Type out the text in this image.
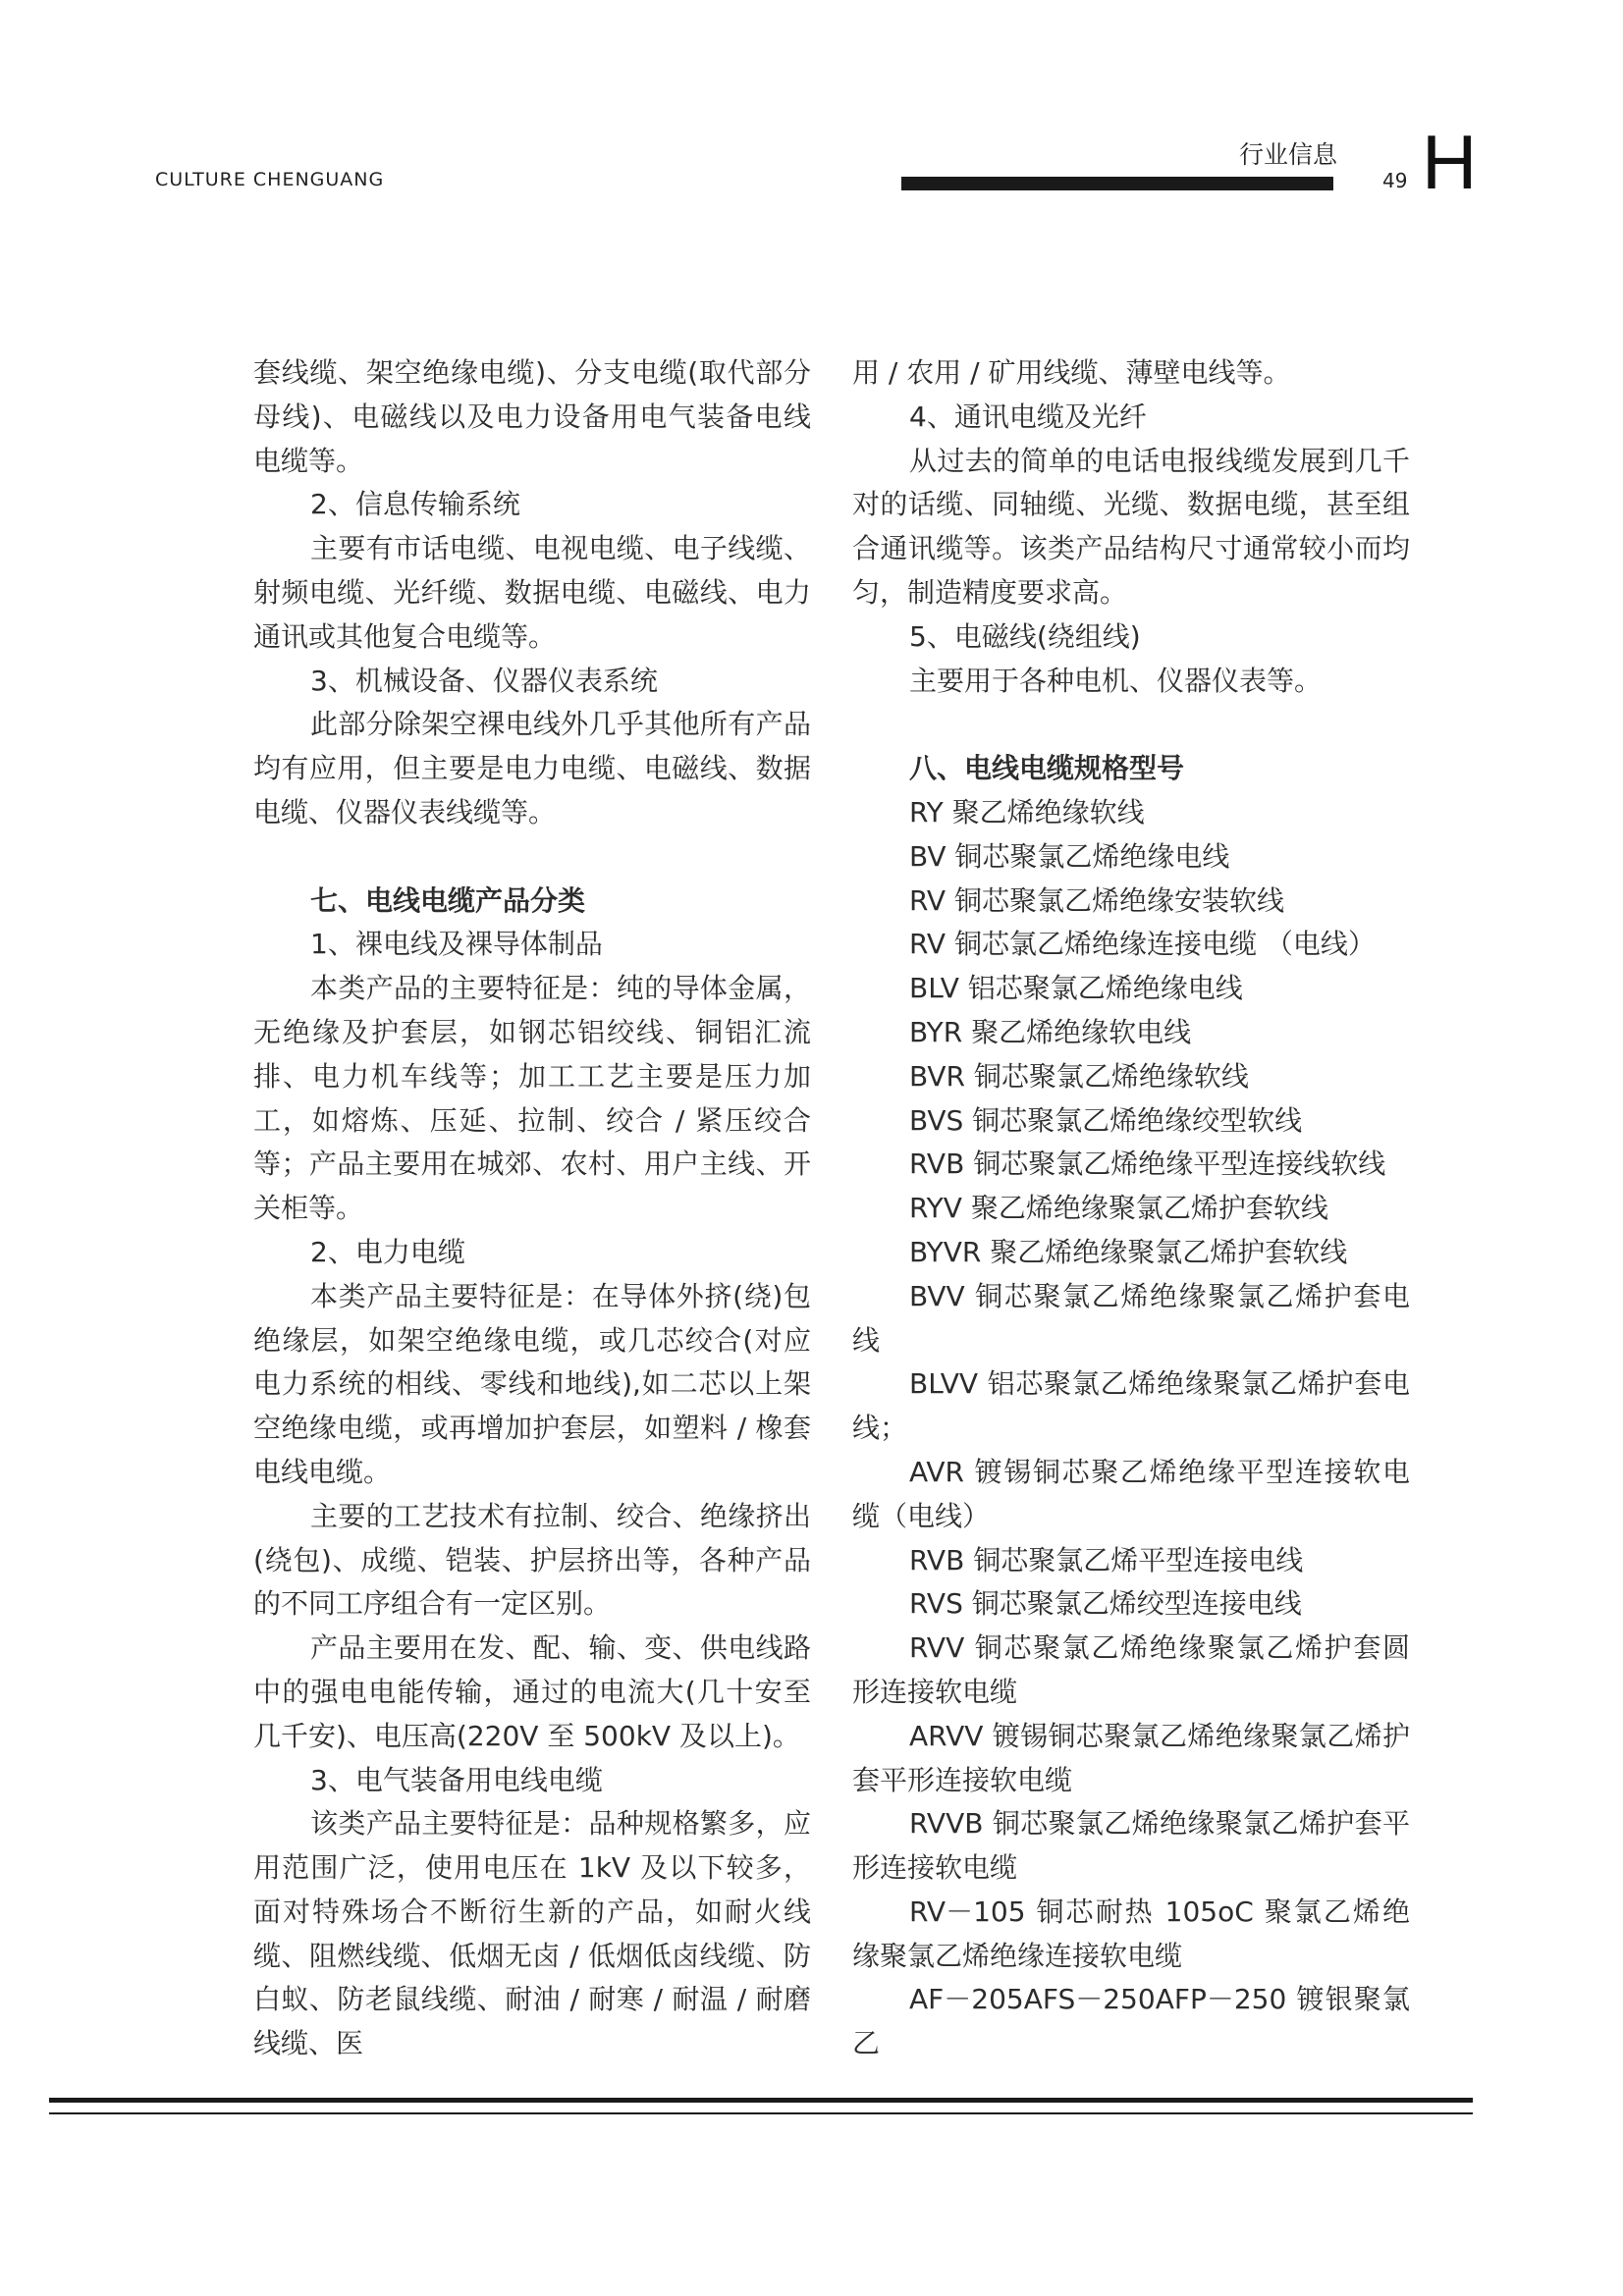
CULTURE CHENGUANG
行业信息
49 H

套线缆、架空绝缘电缆)、分支电缆(取代部分母线)、电磁线以及电力设备用电气装备电线电缆等。

2、信息传输系统

主要有市话电缆、电视电缆、电子线缆、射频电缆、光纤缆、数据电缆、电磁线、电力通讯或其他复合电缆等。

3、机械设备、仪器仪表系统

此部分除架空裸电线外几乎其他所有产品均有应用，但主要是电力电缆、电磁线、数据电缆、仪器仪表线缆等。

七、电线电缆产品分类

1、裸电线及裸导体制品

本类产品的主要特征是：纯的导体金属，无绝缘及护套层，如钢芯铝绞线、铜铝汇流排、电力机车线等；加工工艺主要是压力加工，如熔炼、压延、拉制、绞合 / 紧压绞合等；产品主要用在城郊、农村、用户主线、开关柜等。

2、电力电缆

本类产品主要特征是：在导体外挤(绕)包绝缘层，如架空绝缘电缆，或几芯绞合(对应电力系统的相线、零线和地线),如二芯以上架空绝缘电缆，或再增加护套层，如塑料 / 橡套电线电缆。

主要的工艺技术有拉制、绞合、绝缘挤出(绕包)、成缆、铠装、护层挤出等，各种产品的不同工序组合有一定区别。

产品主要用在发、配、输、变、供电线路中的强电电能传输，通过的电流大(几十安至几千安)、电压高(220V 至 500kV 及以上)。

3、电气装备用电线电缆

该类产品主要特征是：品种规格繁多，应用范围广泛，使用电压在 1kV 及以下较多，面对特殊场合不断衍生新的产品，如耐火线缆、阻燃线缆、低烟无卤 / 低烟低卤线缆、防白蚁、防老鼠线缆、耐油 / 耐寒 / 耐温 / 耐磨线缆、医

用 / 农用 / 矿用线缆、薄壁电线等。

4、通讯电缆及光纤

从过去的简单的电话电报线缆发展到几千对的话缆、同轴缆、光缆、数据电缆，甚至组合通讯缆等。该类产品结构尺寸通常较小而均匀，制造精度要求高。

5、电磁线(绕组线)

主要用于各种电机、仪器仪表等。

八、电线电缆规格型号

RY 聚乙烯绝缘软线

BV 铜芯聚氯乙烯绝缘电线

RV 铜芯聚氯乙烯绝缘安装软线

RV 铜芯氯乙烯绝缘连接电缆 （电线）

BLV 铝芯聚氯乙烯绝缘电线

BYR 聚乙烯绝缘软电线

BVR 铜芯聚氯乙烯绝缘软线

BVS 铜芯聚氯乙烯绝缘绞型软线

RVB 铜芯聚氯乙烯绝缘平型连接线软线

RYV 聚乙烯绝缘聚氯乙烯护套软线

BYVR 聚乙烯绝缘聚氯乙烯护套软线

BVV 铜芯聚氯乙烯绝缘聚氯乙烯护套电线

BLVV 铝芯聚氯乙烯绝缘聚氯乙烯护套电线；

AVR 镀锡铜芯聚乙烯绝缘平型连接软电缆（电线）

RVB 铜芯聚氯乙烯平型连接电线

RVS 铜芯聚氯乙烯绞型连接电线

RVV 铜芯聚氯乙烯绝缘聚氯乙烯护套圆形连接软电缆

ARVV 镀锡铜芯聚氯乙烯绝缘聚氯乙烯护套平形连接软电缆

RVVB 铜芯聚氯乙烯绝缘聚氯乙烯护套平形连接软电缆

RV－105 铜芯耐热 105oC 聚氯乙烯绝缘聚氯乙烯绝缘连接软电缆

AF－205AFS－250AFP－250 镀银聚氯乙
